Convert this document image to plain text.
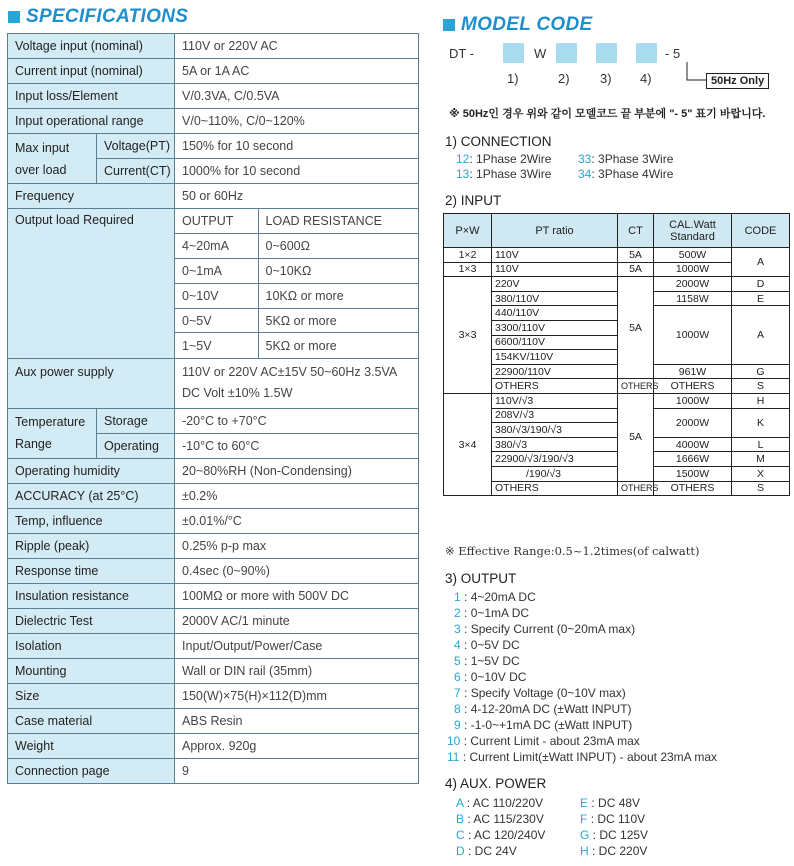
SPECIFICATIONS
Voltage input (nominal)	110V or 220V AC
Current input (nominal)	5A or 1A AC
Input loss/Element	V/0.3VA, C/0.5VA
Input operational range	V/0~110%, C/0~120%
Max input
over load	Voltage(PT)	150% for 10 second
Current(CT)	1000% for 10 second
Frequency	50 or 60Hz
Output load Required		OUTPUT	LOAD RESISTANCE
4~20mA	0~600Ω
0~1mA	0~10KΩ
0~10V	10KΩ or more
0~5V	5KΩ or more
1~5V	5KΩ or more

Aux power supply	110V or 220V AC±15V 50~60Hz 3.5VA
DC Volt ±10% 1.5W
Temperature
Range	Storage	-20°C to +70°C
Operating	-10°C to 60°C
Operating humidity	20~80%RH (Non-Condensing)
ACCURACY (at 25°C)	±0.2%
Temp, influence	±0.01%/°C
Ripple (peak)	0.25% p-p max
Response time	0.4sec (0~90%)
Insulation resistance	100MΩ or more with 500V DC
Dielectric Test	2000V AC/1 minute
Isolation	Input/Output/Power/Case
Mounting	Wall or DIN rail (35mm)
Size	150(W)×75(H)×112(D)mm
Case material	ABS Resin
Weight	Approx. 920g
Connection page	9
MODEL CODE
DT -	W	- 5
1)	2) 3) 4)	50Hz Only
※ 50Hz인 경우 위와 같이 모델코드 끝 부분에 "- 5" 표기 바랍니다.
1) CONNECTION
12: 1Phase 2Wire 33: 3Phase 3Wire
13: 1Phase 3Wire 34: 3Phase 4Wire
2) INPUT
P×W	PT ratio	CT	CAL.Watt Standard	CODE
1×2	110V	5A	500W	A
1×3	110V	5A	1000W	
3×3	220V	5A	2000W	D
	380/110V		1158W	E
	440/110V		1000W	A
	3300/110V			
	6600/110V			
	154KV/110V			
	22900/110V		961W	G
	OTHERS	OTHERS	OTHERS	S
3×4	110V/√3	5A	1000W	H
	208V/√3		2000W	K
	380/√3/190/√3			
	380/√3		4000W	L
	22900/√3/190/√3		1666W	M
	/190/√3		1500W	X
	OTHERS	OTHERS	OTHERS	S
※ Effective Range:0.5~1.2times(of calwatt)
3) OUTPUT
1 : 4~20mA DC
2 : 0~1mA DC
3 : Specify Current (0~20mA max)
4 : 0~5V DC
5 : 1~5V DC
6 : 0~10V DC
7 : Specify Voltage (0~10V max)
8 : 4-12-20mA DC (±Watt INPUT)
9 : -1-0~+1mA DC (±Watt INPUT)
10 : Current Limit - about 23mA max
11 : Current Limit(±Watt INPUT) - about 23mA max
4) AUX. POWER
A : AC 110/220V
B : AC 115/230V
C : AC 120/240V
D : DC 24V
E : DC 48V
F : DC 110V
G : DC 125V
H : DC 220V
